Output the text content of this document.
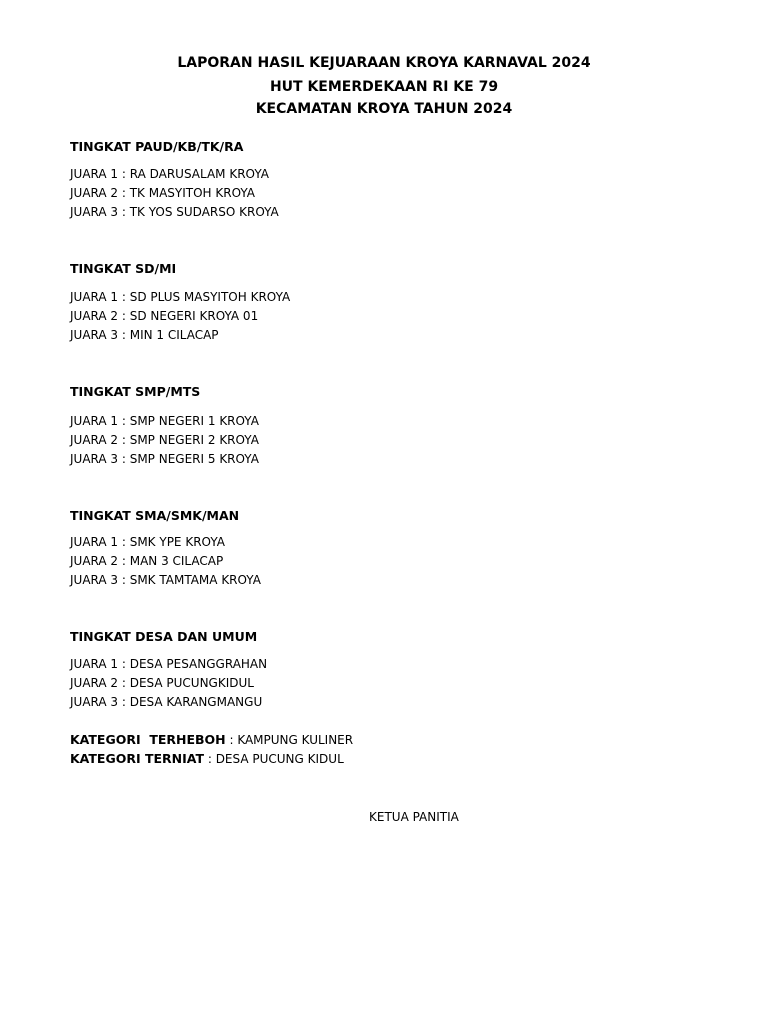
LAPORAN HASIL KEJUARAAN KROYA KARNAVAL 2024
HUT KEMERDEKAAN RI KE 79
KECAMATAN KROYA TAHUN 2024
TINGKAT PAUD/KB/TK/RA
JUARA 1 : RA DARUSALAM KROYA
JUARA 2 : TK MASYITOH KROYA
JUARA 3 : TK YOS SUDARSO KROYA
TINGKAT SD/MI
JUARA 1 : SD PLUS MASYITOH KROYA
JUARA 2 : SD NEGERI KROYA 01
JUARA 3 : MIN 1 CILACAP
TINGKAT SMP/MTS
JUARA 1 : SMP NEGERI 1 KROYA
JUARA 2 : SMP NEGERI 2 KROYA
JUARA 3 : SMP NEGERI 5 KROYA
TINGKAT SMA/SMK/MAN
JUARA 1 : SMK YPE KROYA
JUARA 2 : MAN 3 CILACAP
JUARA 3 : SMK TAMTAMA KROYA
TINGKAT DESA DAN UMUM
JUARA 1 : DESA PESANGGRAHAN
JUARA 2 : DESA PUCUNGKIDUL
JUARA 3 : DESA KARANGMANGU
KATEGORI  TERHEBOH : KAMPUNG KULINER
KATEGORI TERNIAT : DESA PUCUNG KIDUL
KETUA PANITIA
